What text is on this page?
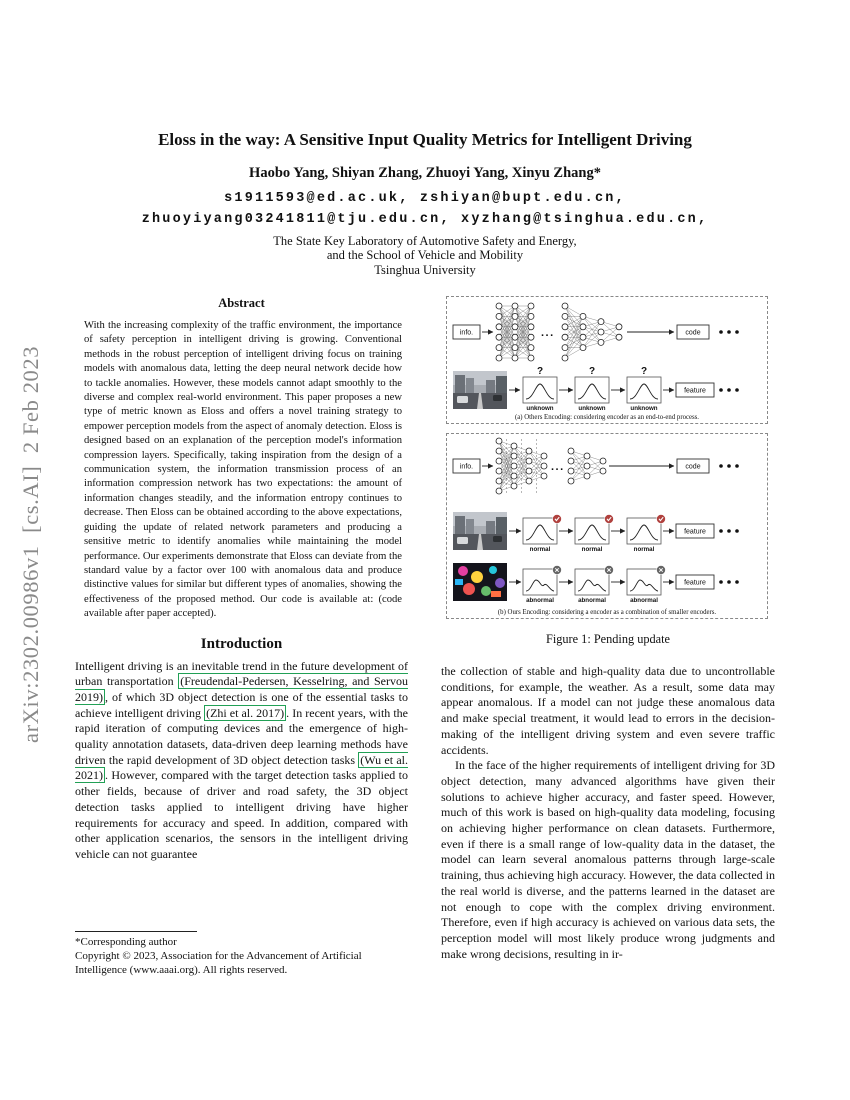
arXiv:2302.00986v1  [cs.AI]  2 Feb 2023
Eloss in the way: A Sensitive Input Quality Metrics for Intelligent Driving
Haobo Yang, Shiyan Zhang, Zhuoyi Yang, Xinyu Zhang*
s1911593@ed.ac.uk, zshiyan@bupt.edu.cn,
zhuoyiyang03241811@tju.edu.cn, xyzhang@tsinghua.edu.cn,
The State Key Laboratory of Automotive Safety and Energy,
and the School of Vehicle and Mobility
Tsinghua University
Abstract

With the increasing complexity of the traffic environment, the importance of safety perception in intelligent driving is growing. Conventional methods in the robust perception of intelligent driving focus on training models with anomalous data, letting the deep neural network decide how to tackle anomalies. However, these models cannot adapt smoothly to the diverse and complex real-world environment. This paper proposes a new type of metric known as Eloss and offers a novel training strategy to empower perception models from the aspect of anomaly detection. Eloss is designed based on an explanation of the perception model's information compression layers. Specifically, taking inspiration from the design of a communication system, the information transmission process of an information compression network has two expectations: the amount of information changes steadily, and the information entropy continues to decrease. Then Eloss can be obtained according to the above expectations, guiding the update of related network parameters and producing a sensitive metric to identify anomalies while maintaining the model performance. Our experiments demonstrate that Eloss can deviate from the standard value by a factor over 100 with anomalous data and produce distinctive values for similar but different types of anomalies, showing the effectiveness of the proposed method. Our code is available at: (code available after paper accepted).

Introduction

Intelligent driving is an inevitable trend in the future development of urban transportation (Freudendal-Pedersen, Kesselring, and Servou 2019) , of which 3D object detection is one of the essential tasks to achieve intelligent driving (Zhi et al. 2017) . In recent years, with the rapid iteration of computing devices and the emergence of high-quality annotation datasets, data-driven deep learning methods have driven the rapid development of 3D object detection tasks (Wu et al. 2021) . However, compared with the target detection tasks applied to other fields, because of driver and road safety, the 3D object detection tasks applied to intelligent driving have higher requirements for accuracy and speed. In addition, compared with other application scenarios, the sensors in the intelligent driving vehicle can not guarantee

*Corresponding author
Copyright © 2023, Association for the Advancement of Artificial Intelligence (www.aaai.org). All rights reserved.
info.	...	code
?	?	?
unknown	unknown	unknown
feature
(a) Others Encoding: considering encoder as an end-to-end process.
info.	...	code
normal	normal	normal
feature
abnormal	abnormal	abnormal
feature
(b) Ours Encoding: considering a encoder as a combination of smaller encoders.
Figure 1: Pending update

the collection of stable and high-quality data due to uncontrollable conditions, for example, the weather. As a result, some data may appear anomalous. If a model can not judge these anomalous data and make special treatment, it would lead to errors in the decision-making of the intelligent driving system and even severe traffic accidents.

In the face of the higher requirements of intelligent driving for 3D object detection, many advanced algorithms have given their solutions to achieve higher accuracy, and faster speed. However, much of this work is based on high-quality data modeling, focusing on achieving higher performance on clean datasets. Furthermore, even if there is a small range of low-quality data in the dataset, the model can learn several anomalous patterns through large-scale training, thus achieving high accuracy. However, the data collected in the real world is diverse, and the patterns learned in the dataset are not enough to cope with the complex driving environment. Therefore, even if high accuracy is achieved on various data sets, the perception model will most likely produce wrong judgments and make wrong decisions, resulting in ir-
